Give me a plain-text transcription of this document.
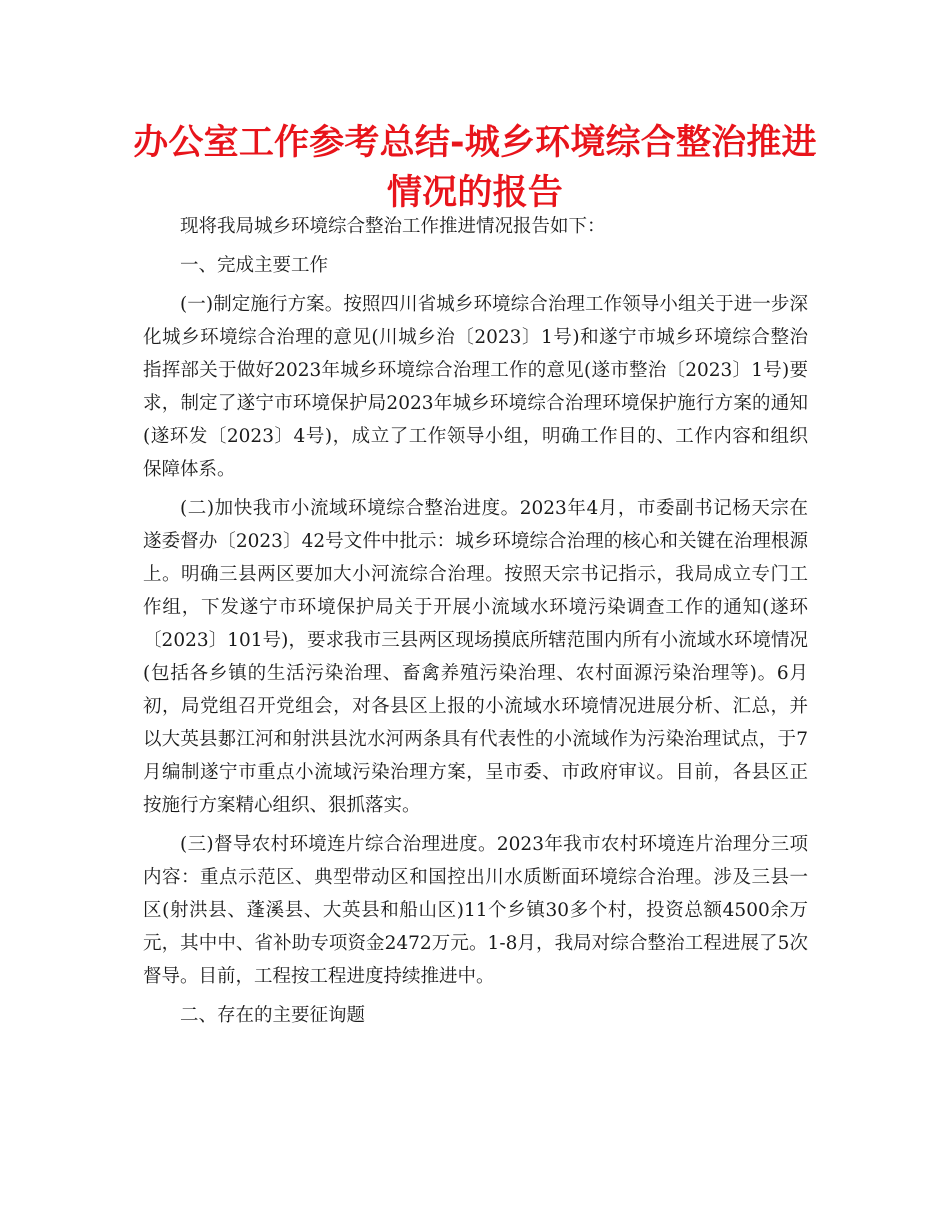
办公室工作参考总结-城乡环境综合整治推进情况的报告

现将我局城乡环境综合整治工作推进情况报告如下：

一、完成主要工作

(一)制定施行方案。按照四川省城乡环境综合治理工作领导小组关于进一步深化城乡环境综合治理的意见(川城乡治〔2023〕1号)和遂宁市城乡环境综合整治指挥部关于做好2023年城乡环境综合治理工作的意见(遂市整治〔2023〕1号)要求，制定了遂宁市环境保护局2023年城乡环境综合治理环境保护施行方案的通知(遂环发〔2023〕4号)，成立了工作领导小组，明确工作目的、工作内容和组织保障体系。

(二)加快我市小流域环境综合整治进度。2023年4月，市委副书记杨天宗在遂委督办〔2023〕42号文件中批示：城乡环境综合治理的核心和关键在治理根源上。明确三县两区要加大小河流综合治理。按照天宗书记指示，我局成立专门工作组，下发遂宁市环境保护局关于开展小流域水环境污染调查工作的通知(遂环〔2023〕101号)，要求我市三县两区现场摸底所辖范围内所有小流域水环境情况(包括各乡镇的生活污染治理、畜禽养殖污染治理、农村面源污染治理等)。6月初，局党组召开党组会，对各县区上报的小流域水环境情况进展分析、汇总，并以大英县郪江河和射洪县沈水河两条具有代表性的小流域作为污染治理试点，于7月编制遂宁市重点小流域污染治理方案，呈市委、市政府审议。目前，各县区正按施行方案精心组织、狠抓落实。

(三)督导农村环境连片综合治理进度。2023年我市农村环境连片治理分三项内容：重点示范区、典型带动区和国控出川水质断面环境综合治理。涉及三县一区(射洪县、蓬溪县、大英县和船山区)11个乡镇30多个村，投资总额4500余万元，其中中、省补助专项资金2472万元。1-8月，我局对综合整治工程进展了5次督导。目前，工程按工程进度持续推进中。

二、存在的主要征询题
